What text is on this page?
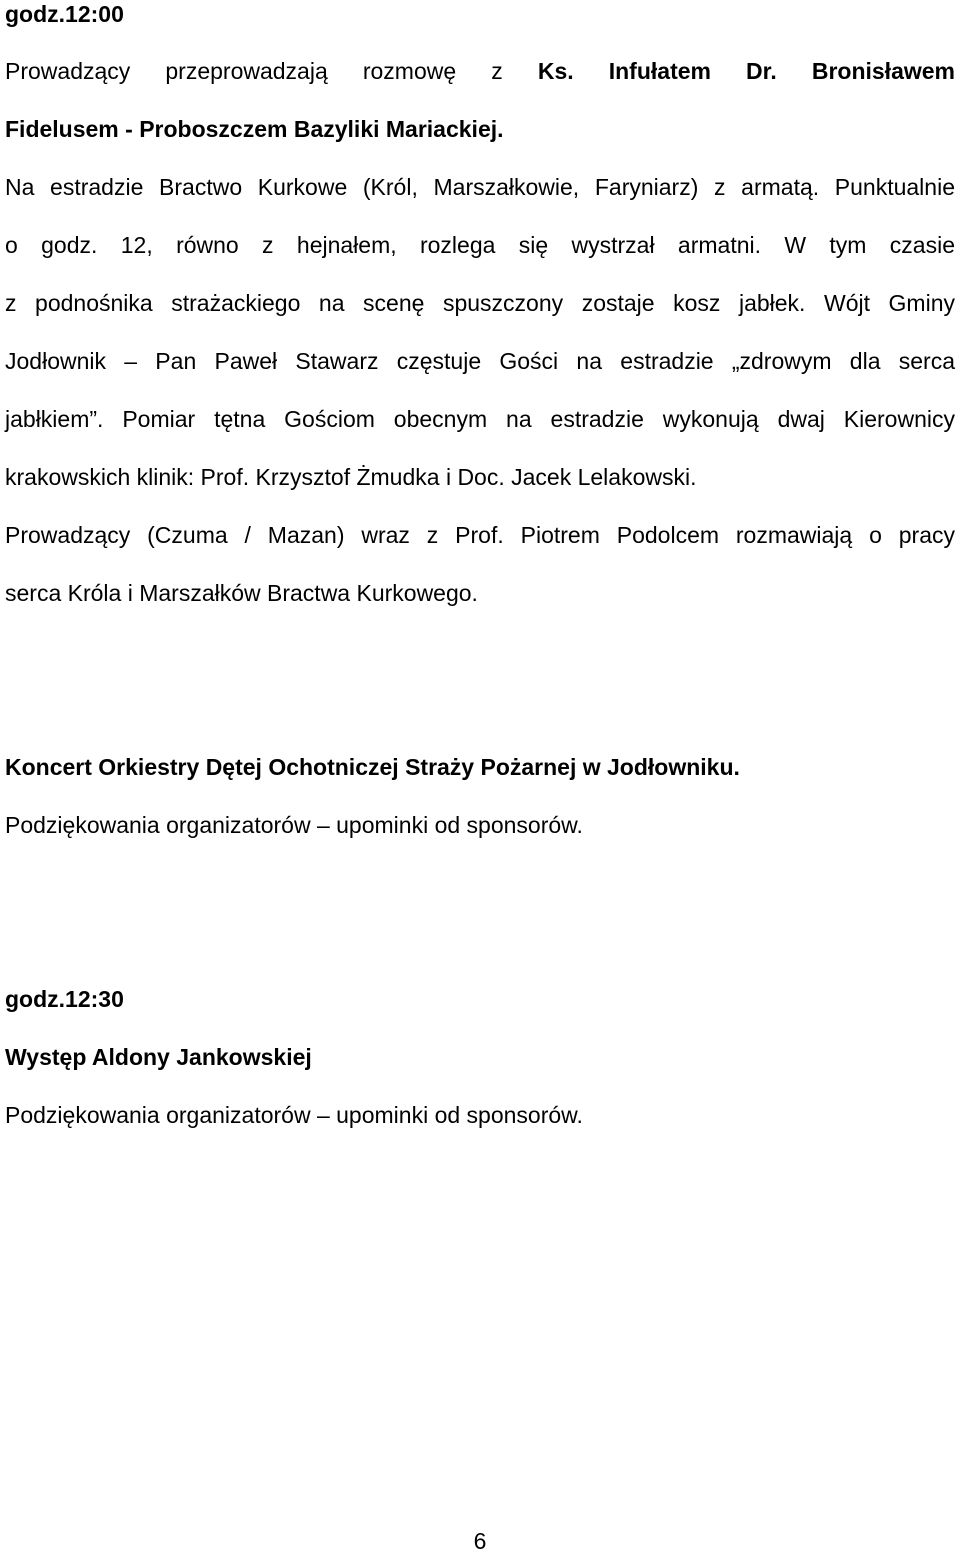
godz.12:00
Prowadzący przeprowadzają rozmowę z Ks. Infułatem Dr. Bronisławem
Fidelusem - Proboszczem Bazyliki Mariackiej.
Na estradzie Bractwo Kurkowe (Król, Marszałkowie, Faryniarz) z armatą. Punktualnie
o godz. 12, równo z hejnałem, rozlega się wystrzał armatni. W tym czasie
z podnośnika strażackiego na scenę spuszczony zostaje kosz jabłek. Wójt Gminy
Jodłownik – Pan Paweł Stawarz częstuje Gości na estradzie „zdrowym dla serca
jabłkiem”. Pomiar tętna Gościom obecnym na estradzie wykonują dwaj Kierownicy
krakowskich klinik: Prof. Krzysztof Żmudka i Doc. Jacek Lelakowski.
Prowadzący (Czuma / Mazan) wraz z Prof. Piotrem Podolcem rozmawiają o pracy
serca Króla i Marszałków Bractwa Kurkowego.
Koncert Orkiestry Dętej Ochotniczej Straży Pożarnej w Jodłowniku.
Podziękowania organizatorów – upominki od sponsorów.
godz.12:30
Występ Aldony Jankowskiej
Podziękowania organizatorów – upominki od sponsorów.
6
